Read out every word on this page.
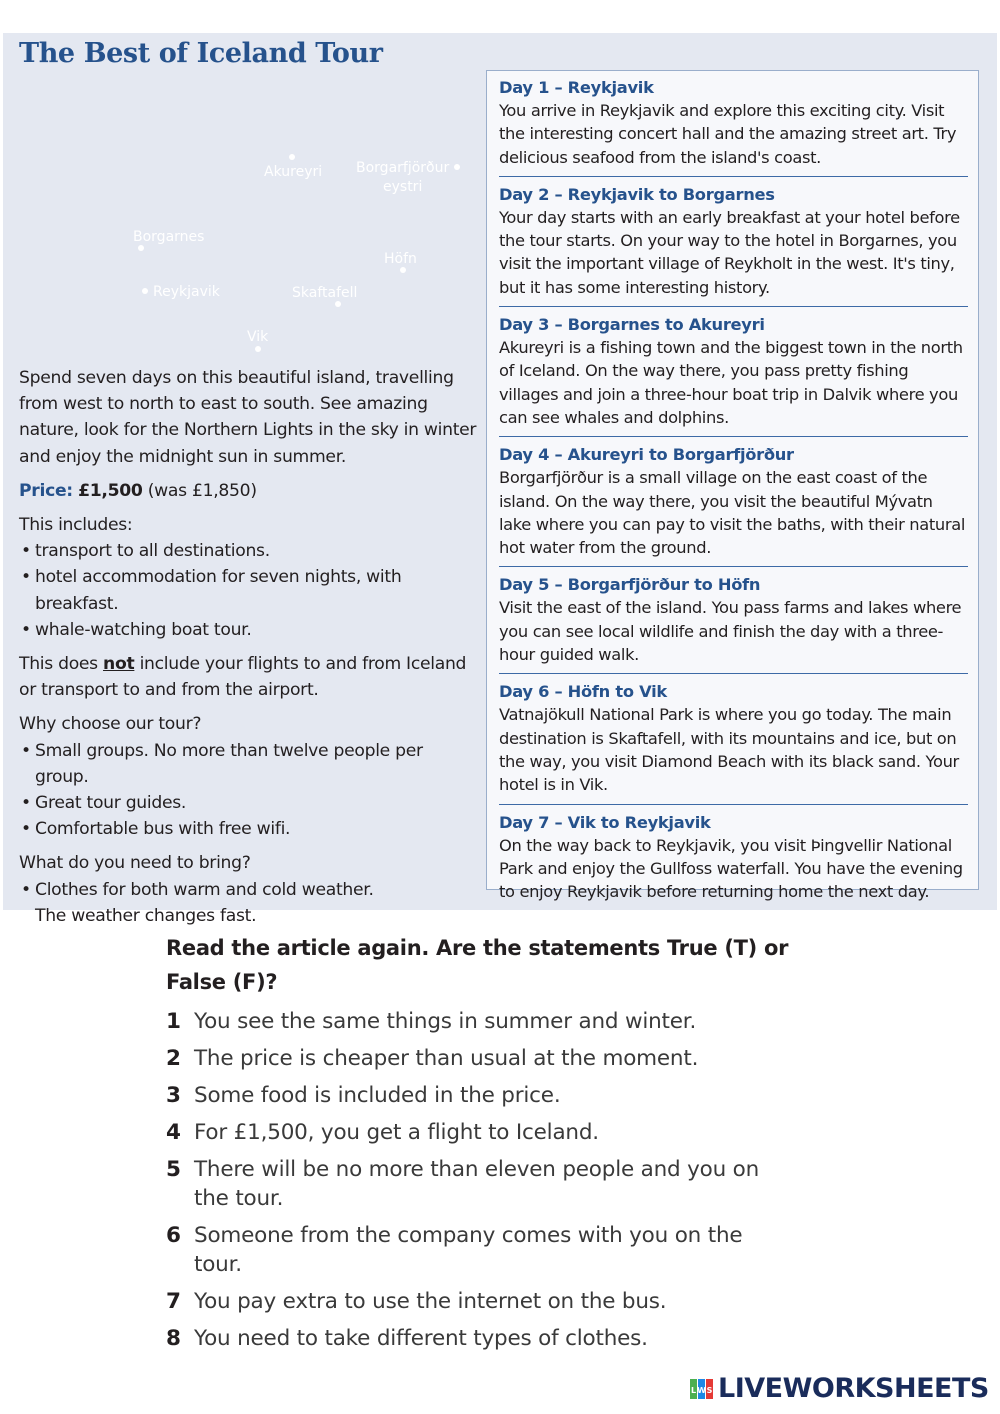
The Best of Iceland Tour
Akureyri Borgarfjörður
eystri
Borgarnes
Höfn
Reykjavik	Skaftafell
Vik

Spend seven days on this beautiful island, travelling from west to north to east to south. See amazing nature, look for the Northern Lights in the sky in winter and enjoy the midnight sun in summer.

Price: £1,500 (was £1,850)

This includes:

• transport to all destinations.
• hotel accommodation for seven nights, with breakfast.
• whale-watching boat tour.

This does not include your flights to and from Iceland or transport to and from the airport.

Why choose our tour?

• Small groups. No more than twelve people per group.
• Great tour guides.
• Comfortable bus with free wifi.

What do you need to bring?

• Clothes for both warm and cold weather. The weather changes fast.
Day 1 – Reykjavik
You arrive in Reykjavik and explore this exciting city. Visit the interesting concert hall and the amazing street art. Try delicious seafood from the island's coast.
Day 2 – Reykjavik to Borgarnes
Your day starts with an early breakfast at your hotel before the tour starts. On your way to the hotel in Borgarnes, you visit the important village of Reykholt in the west. It's tiny, but it has some interesting history.
Day 3 – Borgarnes to Akureyri
Akureyri is a fishing town and the biggest town in the north of Iceland. On the way there, you pass pretty fishing villages and join a three-hour boat trip in Dalvik where you can see whales and dolphins.
Day 4 – Akureyri to Borgarfjörður
Borgarfjörður is a small village on the east coast of the island. On the way there, you visit the beautiful Mývatn lake where you can pay to visit the baths, with their natural hot water from the ground.
Day 5 – Borgarfjörður to Höfn
Visit the east of the island. You pass farms and lakes where you can see local wildlife and finish the day with a three-hour guided walk.
Day 6 – Höfn to Vik
Vatnajökull National Park is where you go today. The main destination is Skaftafell, with its mountains and ice, but on the way, you visit Diamond Beach with its black sand. Your hotel is in Vik.
Day 7 – Vik to Reykjavik
On the way back to Reykjavik, you visit Þingvellir National Park and enjoy the Gullfoss waterfall. You have the evening to enjoy Reykjavik before returning home the next day.

Read the article again. Are the statements True (T) or False (F)?

1 You see the same things in summer and winter.
2 The price is cheaper than usual at the moment.
3 Some food is included in the price.
4 For £1,500, you get a flight to Iceland.
5 There will be no more than eleven people and you on the tour.
6 Someone from the company comes with you on the tour.
7 You pay extra to use the internet on the bus.
8 You need to take different types of clothes.
L W S LIVEWORKSHEETS
